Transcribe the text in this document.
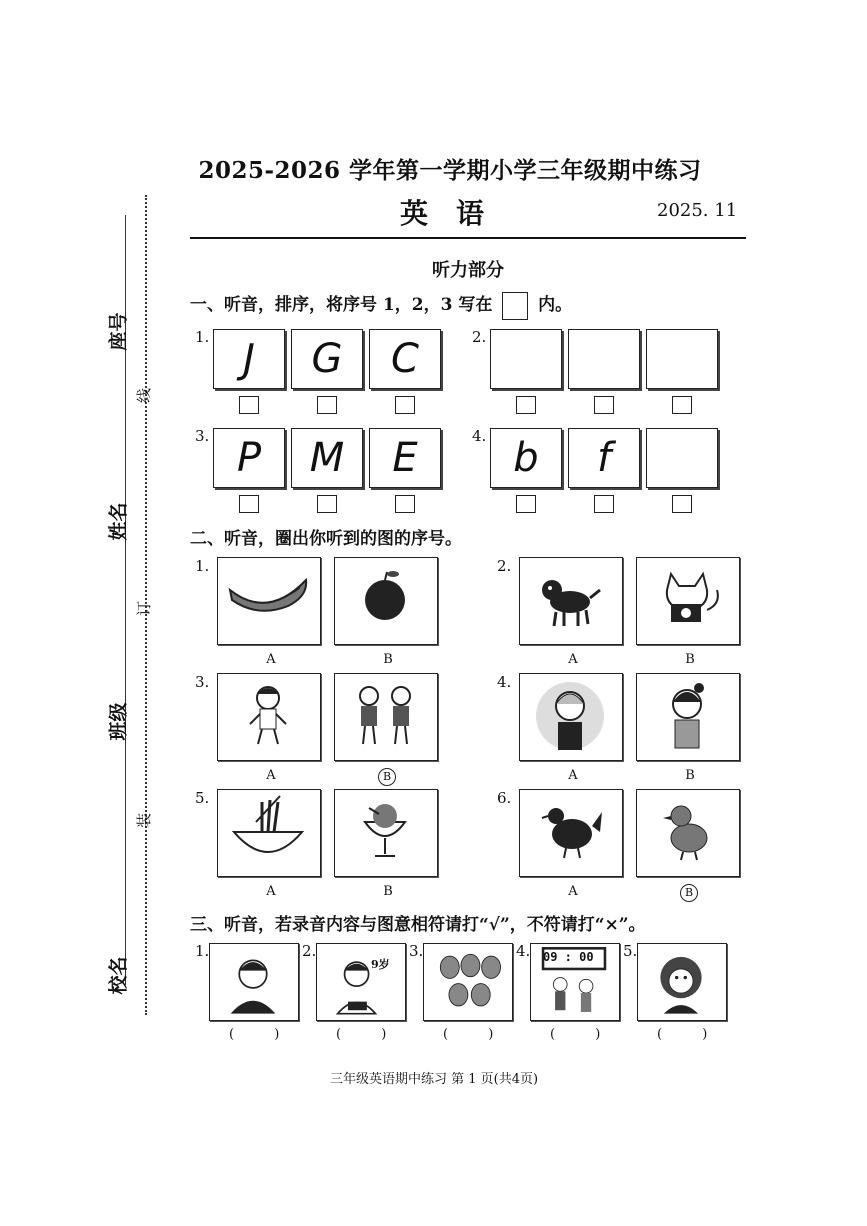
座号
姓名
班级
校名
线
订
装
2025-2026 学年第一学期小学三年级期中练习
英语	2025. 11
听力部分
一、听音，排序，将序号 1，2，3 写在	内。
1. J	G	C	2.
3. P	M	E	4. b	f
二、听音，圈出你听到的图的序号。
1.
A	B
2.
A	B
3.
A	B
4.
A	B
5.
A	B
6.
A	B
三、听音，若录音内容与图意相符请打“√”，不符请打“×”。
1.
( )
2.
9岁
( )
3.
( )
4. 09 : 00
( )
5.
( )
三年级英语期中练习 第 1 页(共4页)
